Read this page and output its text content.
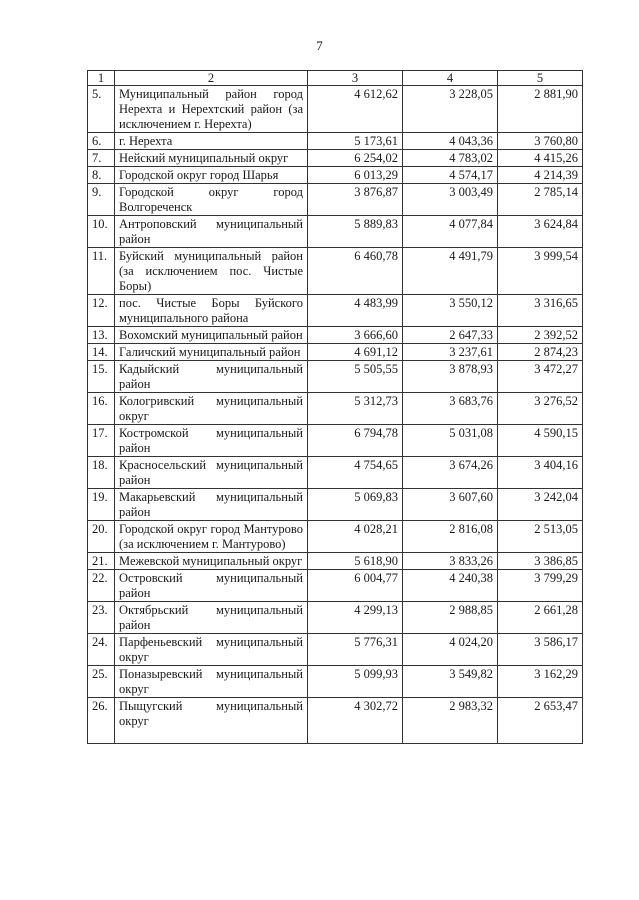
7
1	2	3	4	5
5.	Муниципальный район город Нерехта и Нерехтский район (за исключением г. Нерехта)	4 612,62	3 228,05	2 881,90
6.	г. Нерехта	5 173,61	4 043,36	3 760,80
7.	Нейский муниципальный округ	6 254,02	4 783,02	4 415,26
8.	Городской округ город Шарья	6 013,29	4 574,17	4 214,39
9.	Городской округ город Волгореченск	3 876,87	3 003,49	2 785,14
10.	Антроповский муниципальный район	5 889,83	4 077,84	3 624,84
11.	Буйский муниципальный район (за исключением пос. Чистые Боры)	6 460,78	4 491,79	3 999,54
12.	пос. Чистые Боры Буйского муниципального района	4 483,99	3 550,12	3 316,65
13.	Вохомский муниципальный район	3 666,60	2 647,33	2 392,52
14.	Галичский муниципальный район	4 691,12	3 237,61	2 874,23
15.	Кадыйский муниципальный район	5 505,55	3 878,93	3 472,27
16.	Кологривский муниципальный округ	5 312,73	3 683,76	3 276,52
17.	Костромской муниципальный район	6 794,78	5 031,08	4 590,15
18.	Красносельский муниципальный район	4 754,65	3 674,26	3 404,16
19.	Макарьевский муниципальный район	5 069,83	3 607,60	3 242,04
20.	Городской округ город Мантурово (за исключением г. Мантурово)	4 028,21	2 816,08	2 513,05
21.	Межевской муниципальный округ	5 618,90	3 833,26	3 386,85
22.	Островский муниципальный район	6 004,77	4 240,38	3 799,29
23.	Октябрьский муниципальный район	4 299,13	2 988,85	2 661,28
24.	Парфеньевский муниципальный округ	5 776,31	4 024,20	3 586,17
25.	Поназыревский муниципальный округ	5 099,93	3 549,82	3 162,29
26.	Пыщугский муниципальный округ	4 302,72	2 983,32	2 653,47
